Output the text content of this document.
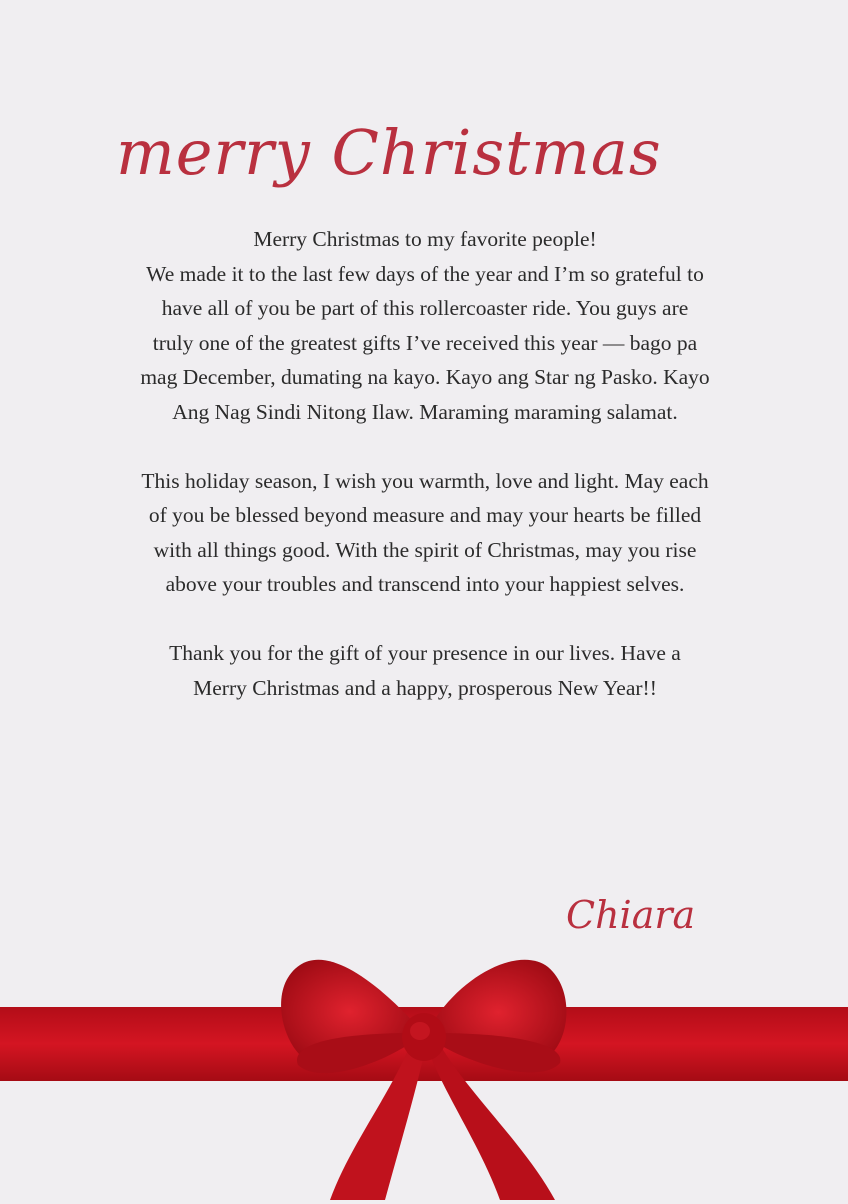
merry Christmas

Merry Christmas to my favorite people!
We made it to the last few days of the year and I’m so grateful to have all of you be part of this rollercoaster ride. You guys are truly one of the greatest gifts I’ve received this year — bago pa mag December, dumating na kayo. Kayo ang Star ng Pasko. Kayo Ang Nag Sindi Nitong Ilaw. Maraming maraming salamat.

This holiday season, I wish you warmth, love and light. May each of you be blessed beyond measure and may your hearts be filled with all things good. With the spirit of Christmas, may you rise above your troubles and transcend into your happiest selves.

Thank you for the gift of your presence in our lives. Have a Merry Christmas and a happy, prosperous New Year!!

Chiara
